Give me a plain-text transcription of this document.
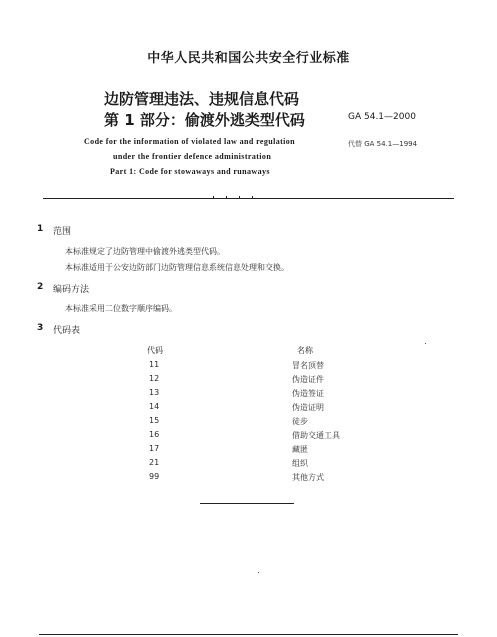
中华人民共和国公共安全行业标准
边防管理违法、违规信息代码
第 1 部分：偷渡外逃类型代码	GA 54.1—2000
代替 GA 54.1—1994
Code for the information of violated law and regulation
under the frontier defence administration
Part 1: Code for stowaways and runaways
1 范围
本标准规定了边防管理中偷渡外逃类型代码。
本标准适用于公安边防部门边防管理信息系统信息处理和交换。
2 编码方法
本标准采用二位数字顺序编码。
3 代码表
代码	名称
11	冒名顶替
12	伪造证件
13	伪造签证
14	伪造证明
15	徒步
16	借助交通工具
17	藏匿
21	组织
99	其他方式
